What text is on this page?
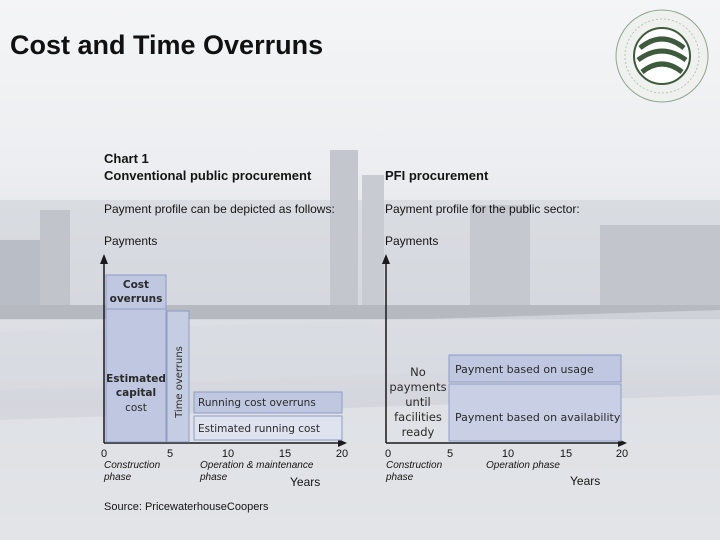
Cost and Time Overruns
Chart 1
Conventional public procurement
Payment profile can be depicted as follows:
Payments
Cost
overruns
Estimated
capital
cost	Time overruns Running cost overruns
Estimated running cost
0	5	10	15	20
Construction
phase
Operation & maintenance
phase	Years
Source: PricewaterhouseCoopers
PFI procurement
Payment profile for the public sector:
Payments
No
payments
until
facilities
ready
Payment based on usage
Payment based on availability
0	5	10	15	20
Construction
phase
Operation phase
Years
